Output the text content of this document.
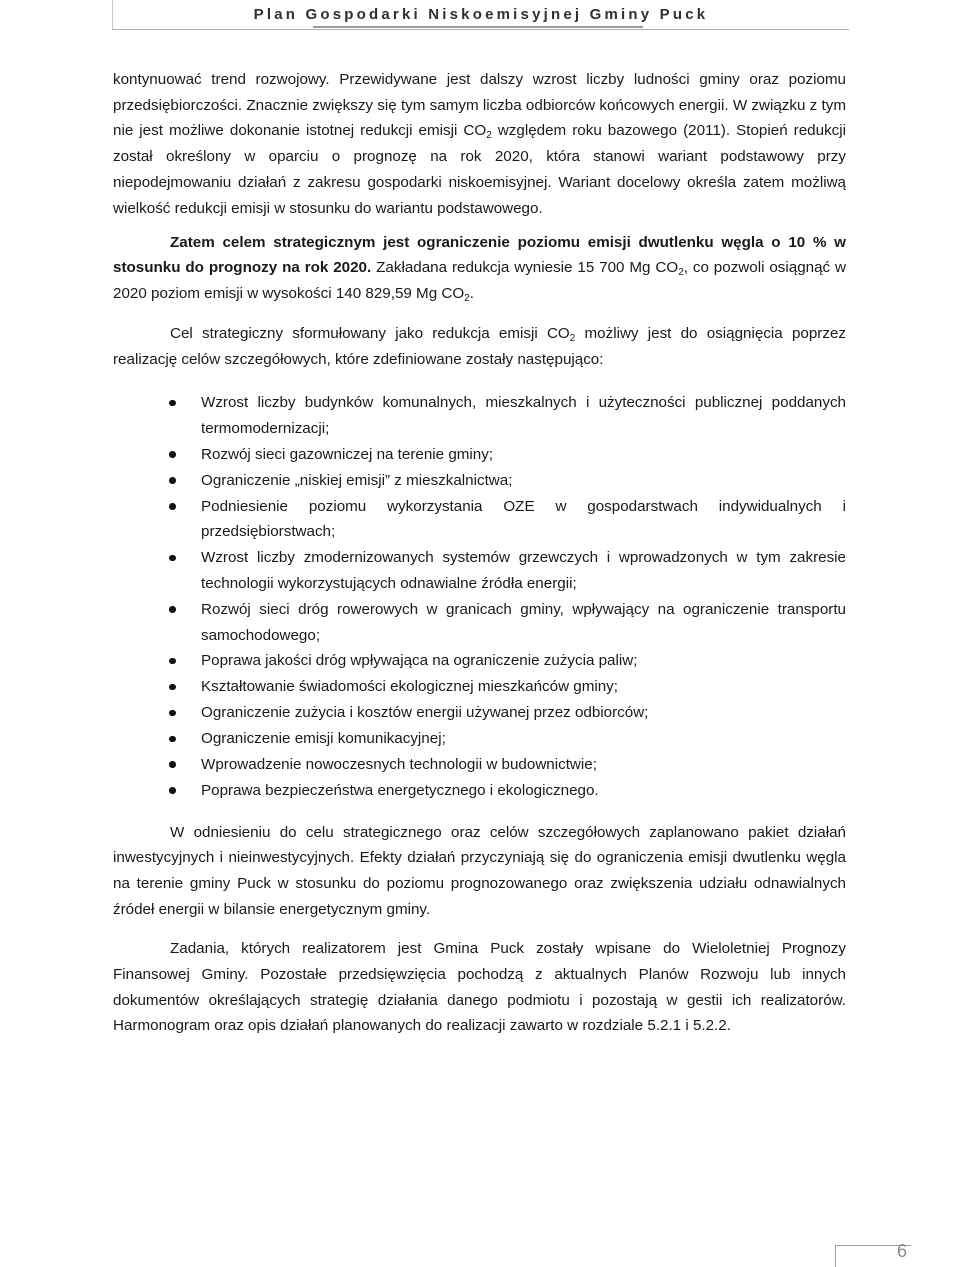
Plan Gospodarki Niskoemisyjnej Gminy Puck

kontynuować trend rozwojowy. Przewidywane jest dalszy wzrost liczby ludności gminy oraz poziomu przedsiębiorczości. Znacznie zwiększy się tym samym liczba odbiorców końcowych energii. W związku z tym nie jest możliwe dokonanie istotnej redukcji emisji $CO_2$ względem roku bazowego (2011). Stopień redukcji został określony w oparciu o prognozę na rok 2020, która stanowi wariant podstawowy przy niepodejmowaniu działań z zakresu gospodarki niskoemisyjnej. Wariant docelowy określa zatem możliwą wielkość redukcji emisji w stosunku do wariantu podstawowego.

Zatem celem strategicznym jest ograniczenie poziomu emisji dwutlenku węgla o 10 % w stosunku do prognozy na rok 2020. Zakładana redukcja wyniesie 15 700 Mg $CO_2$, co pozwoli osiągnąć w 2020 poziom emisji w wysokości 140 829,59 Mg $CO_2$.

Cel strategiczny sformułowany jako redukcja emisji $CO_2$ możliwy jest do osiągnięcia poprzez realizację celów szczegółowych, które zdefiniowane zostały następująco:

Wzrost liczby budynków komunalnych, mieszkalnych i użyteczności publicznej poddanych termomodernizacji;
Rozwój sieci gazowniczej na terenie gminy;
Ograniczenie „niskiej emisji” z mieszkalnictwa;
Podniesienie poziomu wykorzystania OZE w gospodarstwach indywidualnych i przedsiębiorstwach;
Wzrost liczby zmodernizowanych systemów grzewczych i wprowadzonych w tym zakresie technologii wykorzystujących odnawialne źródła energii;
Rozwój sieci dróg rowerowych w granicach gminy, wpływający na ograniczenie transportu samochodowego;
Poprawa jakości dróg wpływająca na ograniczenie zużycia paliw;
Kształtowanie świadomości ekologicznej mieszkańców gminy;
Ograniczenie zużycia i kosztów energii używanej przez odbiorców;
Ograniczenie emisji komunikacyjnej;
Wprowadzenie nowoczesnych technologii w budownictwie;
Poprawa bezpieczeństwa energetycznego i ekologicznego.

W odniesieniu do celu strategicznego oraz celów szczegółowych zaplanowano pakiet działań inwestycyjnych i nieinwestycyjnych. Efekty działań przyczyniają się do ograniczenia emisji dwutlenku węgla na terenie gminy Puck w stosunku do poziomu prognozowanego oraz zwiększenia udziału odnawialnych źródeł energii w bilansie energetycznym gminy.

Zadania, których realizatorem jest Gmina Puck zostały wpisane do Wieloletniej Prognozy Finansowej Gminy. Pozostałe przedsięwzięcia pochodzą z aktualnych Planów Rozwoju lub innych dokumentów określających strategię działania danego podmiotu i pozostają w gestii ich realizatorów. Harmonogram oraz opis działań planowanych do realizacji zawarto w rozdziale 5.2.1 i 5.2.2.

6
